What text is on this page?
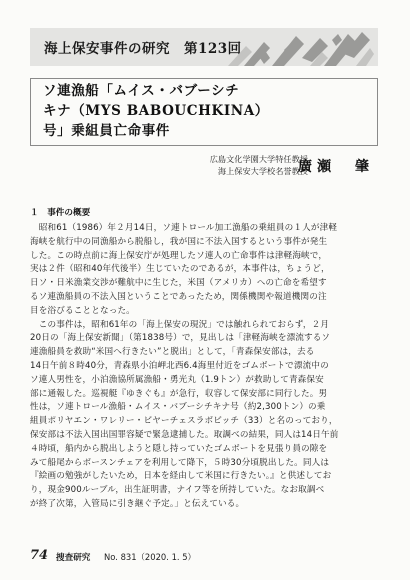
海上保安事件の研究　第123回
ソ連漁船「ムイス・バブーシチ
キナ（MYS BABOUCHKINA）
号」乗組員亡命事件
広島文化学園大学特任教授
海上保安大学校名誉教授
廣瀬　肇
１　事件の概要
　昭和61（1986）年２月14日，ソ連トロール加工漁船の乗組員の１人が津軽
海峡を航行中の同漁船から脱船し，我が国に不法入国するという事件が発生
した。この時点前に海上保安庁が処理したソ連人の亡命事件は津軽海峡で，
実は２件（昭和40年代後半）生じていたのであるが，本事件は，ちょうど，
日ソ・日米漁業交渉が難航中に生じた，米国（アメリカ）への亡命を希望す
るソ連漁船員の不法入国ということであったため，関係機関や報道機関の注
目を浴びることとなった。
　この事件は，昭和61年の「海上保安の現況」では触れられておらず，２月
20日の「海上保安新聞」（第1838号）で，見出しは「津軽海峡を漂流するソ
連漁船員を救助“米国へ行きたい”と脱出」として，「青森保安部は，去る
14日午前８時40分，青森県小泊岬北西6.4海里付近をゴムボートで漂流中の
ソ連人男性を，小泊漁協所属漁船・勇光丸（1.9トン）が救助して青森保安
部に通報した。巡視艇『ゆきぐも』が急行，収容して保安部に同行した。男
性は，ソ連トロール漁船・ムイス・バブーシチキナ号（約2,300トン）の乗
組員ポリヤエン・ワレリー・ビヤーチェスラボビッチ（33）と名のっており，
保安部は不法入国出国罪容疑で緊急逮捕した。取調べの結果，同人は14日午前
４時頃，船内から脱出しようと隠し持っていたゴムボートを見張り員の隙を
みて船尾からボースンチェアを利用して降下，５時30分頃脱出した。同人は
『絵画の勉強がしたいため，日本を経由して米国に行きたい。』と供述してお
り，現金900ルーブル，出生証明書，ナイフ等を所持していた。なお取調べ
が終了次第，入管局に引き継ぐ予定。」と伝えている。
74 捜査研究 No. 831（2020. 1. 5）
